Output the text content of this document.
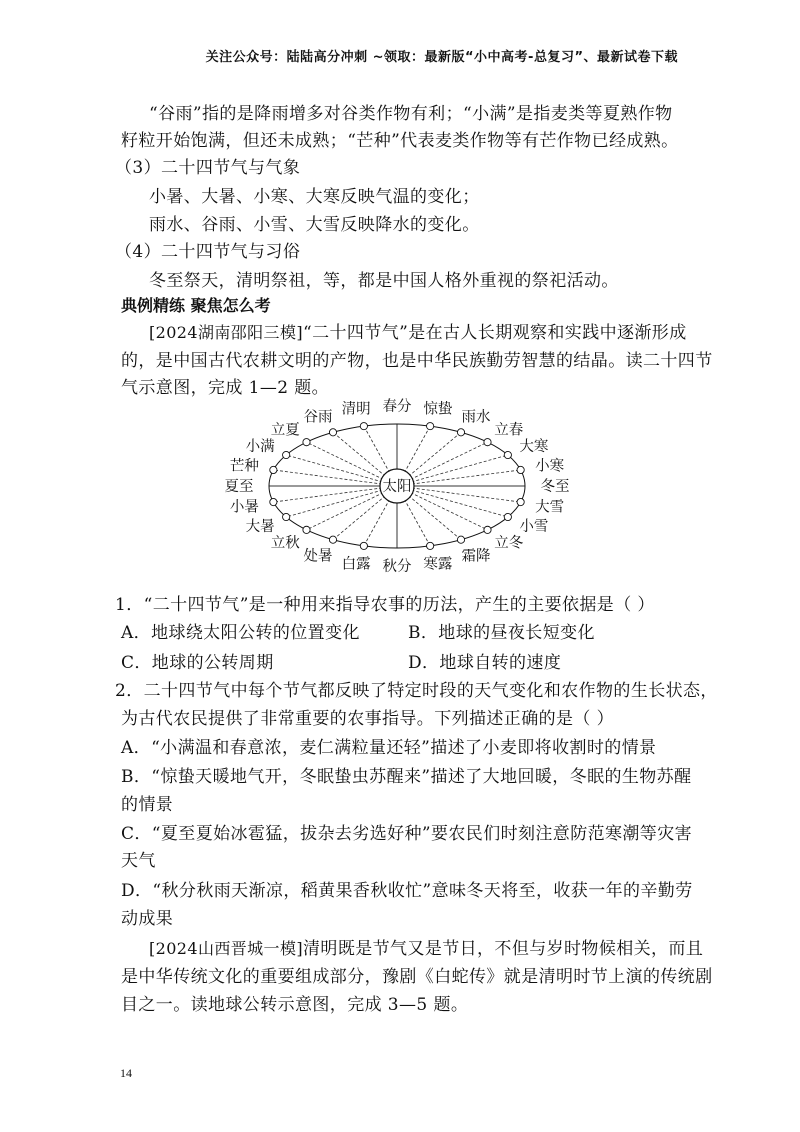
关注公众号：陆陆高分冲刺 ~领取：最新版“小中高考-总复习”、最新试卷下载
“谷雨”指的是降雨增多对谷类作物有利；“小满”是指麦类等夏熟作物
籽粒开始饱满，但还未成熟；“芒种”代表麦类作物等有芒作物已经成熟。
（3）二十四节气与气象
小暑、大暑、小寒、大寒反映气温的变化；
雨水、谷雨、小雪、大雪反映降水的变化。
（4）二十四节气与习俗
冬至祭天，清明祭祖，等，都是中国人格外重视的祭祀活动。
典例精练 聚焦怎么考
[2024湖南邵阳三模]“二十四节气”是在古人长期观察和实践中逐渐形成
的，是中国古代农耕文明的产物，也是中华民族勤劳智慧的结晶。读二十四节
气示意图，完成 1—2 题。
太阳
立春
雨水
惊蛰
春分
清明
谷雨
立夏
小满
芒种
夏至
小暑
大暑
立秋
处暑 白露 秋分 寒露 霜降
立冬
小雪
大雪
冬至
小寒
大寒
1．“二十四节气”是一种用来指导农事的历法，产生的主要依据是（ ）
A．地球绕太阳公转的位置变化	B．地球的昼夜长短变化
C．地球的公转周期	D．地球自转的速度
2．二十四节气中每个节气都反映了特定时段的天气变化和农作物的生长状态，
为古代农民提供了非常重要的农事指导。下列描述正确的是（ ）
A．“小满温和春意浓，麦仁满粒量还轻”描述了小麦即将收割时的情景
B．“惊蛰天暖地气开，冬眠蛰虫苏醒来”描述了大地回暖，冬眠的生物苏醒
的情景
C．“夏至夏始冰雹猛，拔杂去劣选好种”要农民们时刻注意防范寒潮等灾害
天气
D．“秋分秋雨天渐凉，稻黄果香秋收忙”意味冬天将至，收获一年的辛勤劳
动成果
[2024山西晋城一模]清明既是节气又是节日，不但与岁时物候相关，而且
是中华传统文化的重要组成部分，豫剧《白蛇传》就是清明时节上演的传统剧
目之一。读地球公转示意图，完成 3—5 题。
14
